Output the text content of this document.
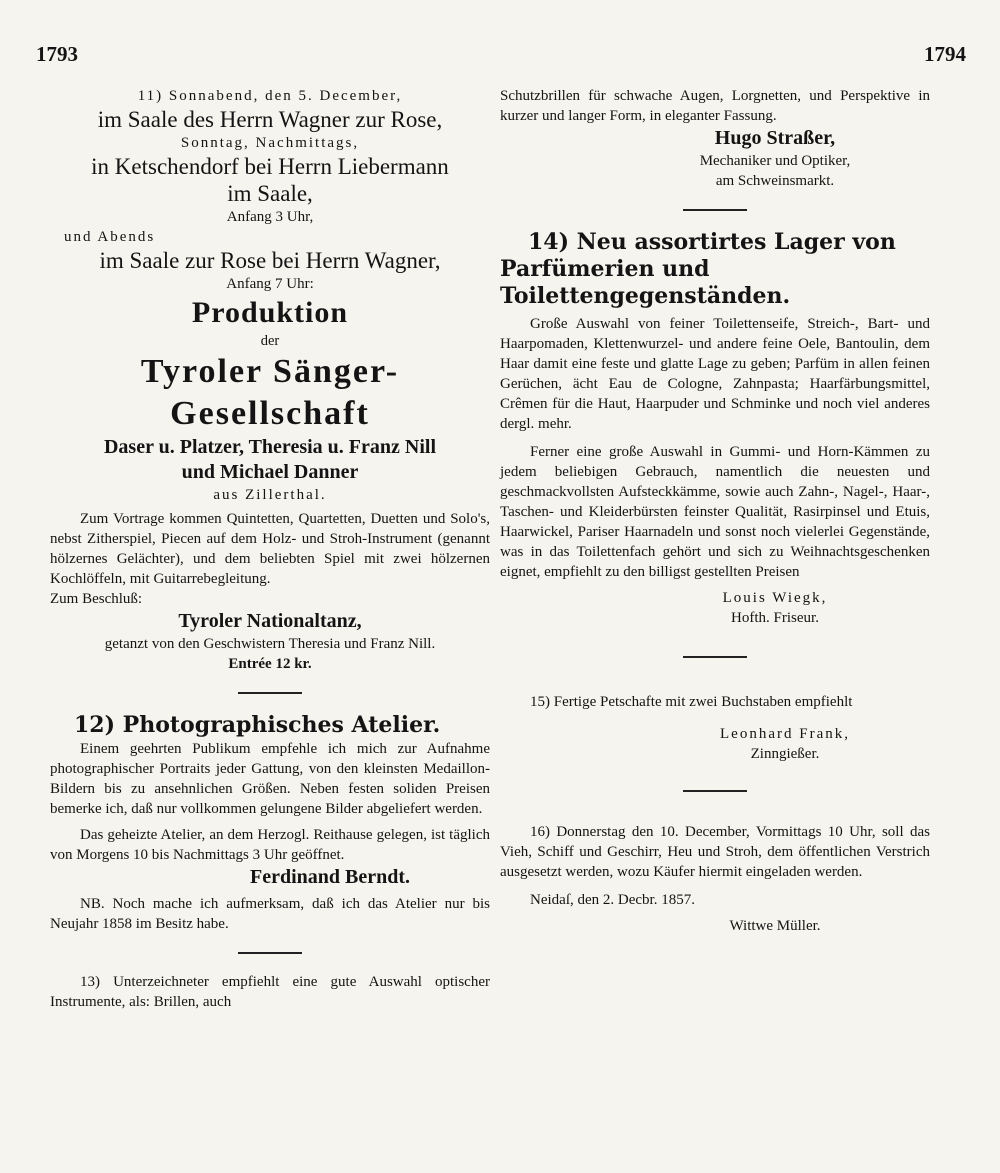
1793	1794

11) Sonnabend, den 5. December,

im Saale des Herrn Wagner zur Rose,

Sonntag, Nachmittags,

in Ketschendorf bei Herrn Liebermann

im Saale,

Anfang 3 Uhr,

und Abends

im Saale zur Rose bei Herrn Wagner,

Anfang 7 Uhr:

Produktion

der

Tyroler Sänger-Gesellschaft

Daser u. Platzer, Theresia u. Franz Nill

und Michael Danner

aus Zillerthal.

Zum Vortrage kommen Quintetten, Quartetten, Duetten und Solo's, nebst Zitherspiel, Piecen auf dem Holz- und Stroh-Instrument (genannt hölzernes Gelächter), und dem beliebten Spiel mit zwei hölzernen Kochlöffeln, mit Guitarrebegleitung.

Zum Beschluß:

Tyroler Nationaltanz,

getanzt von den Geschwistern Theresia und Franz Nill.

Entrée 12 kr.

12) Photographisches Atelier.

Einem geehrten Publikum empfehle ich mich zur Aufnahme photographischer Portraits jeder Gattung, von den kleinsten Medaillon-Bildern bis zu ansehnlichen Größen. Neben festen soliden Preisen bemerke ich, daß nur vollkommen gelungene Bilder abgeliefert werden.

Das geheizte Atelier, an dem Herzogl. Reithause gelegen, ist täglich von Morgens 10 bis Nachmittags 3 Uhr geöffnet.

Ferdinand Berndt.

NB. Noch mache ich aufmerksam, daß ich das Atelier nur bis Neujahr 1858 im Besitz habe.

13) Unterzeichneter empfiehlt eine gute Auswahl optischer Instrumente, als: Brillen, auch

Schutzbrillen für schwache Augen, Lorgnetten, und Perspektive in kurzer und langer Form, in eleganter Fassung.

Hugo Straßer,

Mechaniker und Optiker,

am Schweinsmarkt.

14) Neu assortirtes Lager von Parfümerien und Toilettengegenständen.

Große Auswahl von feiner Toilettenseife, Streich-, Bart- und Haarpomaden, Klettenwurzel- und andere feine Oele, Bantoulin, dem Haar damit eine feste und glatte Lage zu geben; Parfüm in allen feinen Gerüchen, ächt Eau de Cologne, Zahnpasta; Haarfärbungsmittel, Crêmen für die Haut, Haarpuder und Schminke und noch viel anderes dergl. mehr.

Ferner eine große Auswahl in Gummi- und Horn-Kämmen zu jedem beliebigen Gebrauch, namentlich die neuesten und geschmackvollsten Aufsteckkämme, sowie auch Zahn-, Nagel-, Haar-, Taschen- und Kleiderbürsten feinster Qualität, Rasirpinsel und Etuis, Haarwickel, Pariser Haarnadeln und sonst noch vielerlei Gegenstände, was in das Toilettenfach gehört und sich zu Weihnachtsgeschenken eignet, empfiehlt zu den billigst gestellten Preisen

Louis Wiegk,

Hofth. Friseur.

15) Fertige Petschafte mit zwei Buchstaben empfiehlt

Leonhard Frank,

Zinngießer.

16) Donnerstag den 10. December, Vormittags 10 Uhr, soll das Vieh, Schiff und Geschirr, Heu und Stroh, dem öffentlichen Verstrich ausgesetzt werden, wozu Käufer hiermit eingeladen werden.

Neidaſ, den 2. Decbr. 1857.

Wittwe Müller.
